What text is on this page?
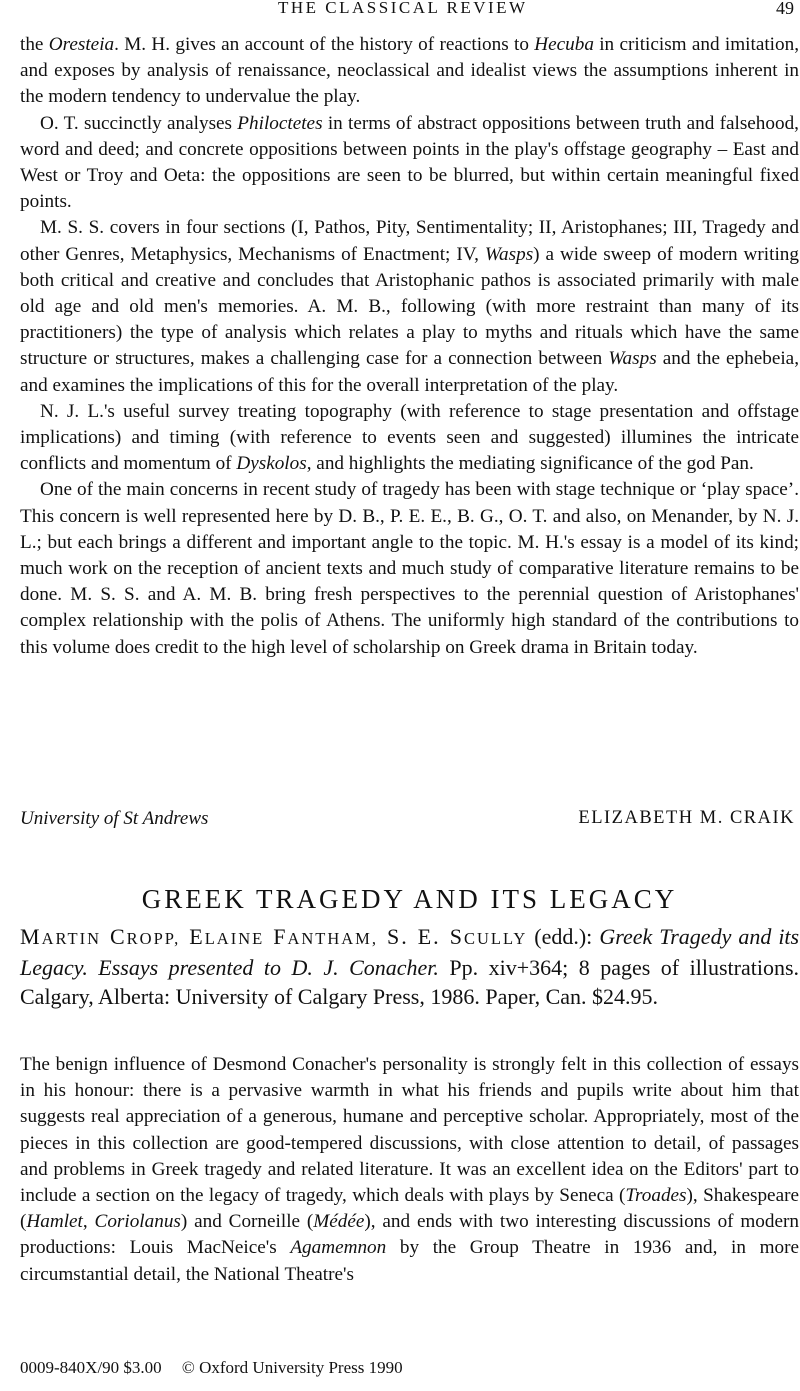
THE CLASSICAL REVIEW	49

the Oresteia. M. H. gives an account of the history of reactions to Hecuba in criticism and imitation, and exposes by analysis of renaissance, neoclassical and idealist views the assumptions inherent in the modern tendency to undervalue the play.

O. T. succinctly analyses Philoctetes in terms of abstract oppositions between truth and falsehood, word and deed; and concrete oppositions between points in the play's offstage geography – East and West or Troy and Oeta: the oppositions are seen to be blurred, but within certain meaningful fixed points.

M. S. S. covers in four sections (I, Pathos, Pity, Sentimentality; II, Aristophanes; III, Tragedy and other Genres, Metaphysics, Mechanisms of Enactment; IV, Wasps) a wide sweep of modern writing both critical and creative and concludes that Aristophanic pathos is associated primarily with male old age and old men's memories. A. M. B., following (with more restraint than many of its practitioners) the type of analysis which relates a play to myths and rituals which have the same structure or structures, makes a challenging case for a connection between Wasps and the ephebeia, and examines the implications of this for the overall interpretation of the play.

N. J. L.'s useful survey treating topography (with reference to stage presentation and offstage implications) and timing (with reference to events seen and suggested) illumines the intricate conflicts and momentum of Dyskolos, and highlights the mediating significance of the god Pan.

One of the main concerns in recent study of tragedy has been with stage technique or ‘play space’. This concern is well represented here by D. B., P. E. E., B. G., O. T. and also, on Menander, by N. J. L.; but each brings a different and important angle to the topic. M. H.'s essay is a model of its kind; much work on the reception of ancient texts and much study of comparative literature remains to be done. M. S. S. and A. M. B. bring fresh perspectives to the perennial question of Aristophanes' complex relationship with the polis of Athens. The uniformly high standard of the contributions to this volume does credit to the high level of scholarship on Greek drama in Britain today.

University of St Andrews	ELIZABETH M. CRAIK
GREEK TRAGEDY AND ITS LEGACY
MARTIN CROPP, ELAINE FANTHAM, S. E. SCULLY (edd.): Greek Tragedy and its Legacy. Essays presented to D. J. Conacher. Pp. xiv+364; 8 pages of illustrations. Calgary, Alberta: University of Calgary Press, 1986. Paper, Can. $24.95.

The benign influence of Desmond Conacher's personality is strongly felt in this collection of essays in his honour: there is a pervasive warmth in what his friends and pupils write about him that suggests real appreciation of a generous, humane and perceptive scholar. Appropriately, most of the pieces in this collection are good-tempered discussions, with close attention to detail, of passages and problems in Greek tragedy and related literature. It was an excellent idea on the Editors' part to include a section on the legacy of tragedy, which deals with plays by Seneca (Troades), Shakespeare (Hamlet, Coriolanus) and Corneille (Médée), and ends with two interesting discussions of modern productions: Louis MacNeice's Agamemnon by the Group Theatre in 1936 and, in more circumstantial detail, the National Theatre's

0009-840X/90 $3.00 © Oxford University Press 1990
